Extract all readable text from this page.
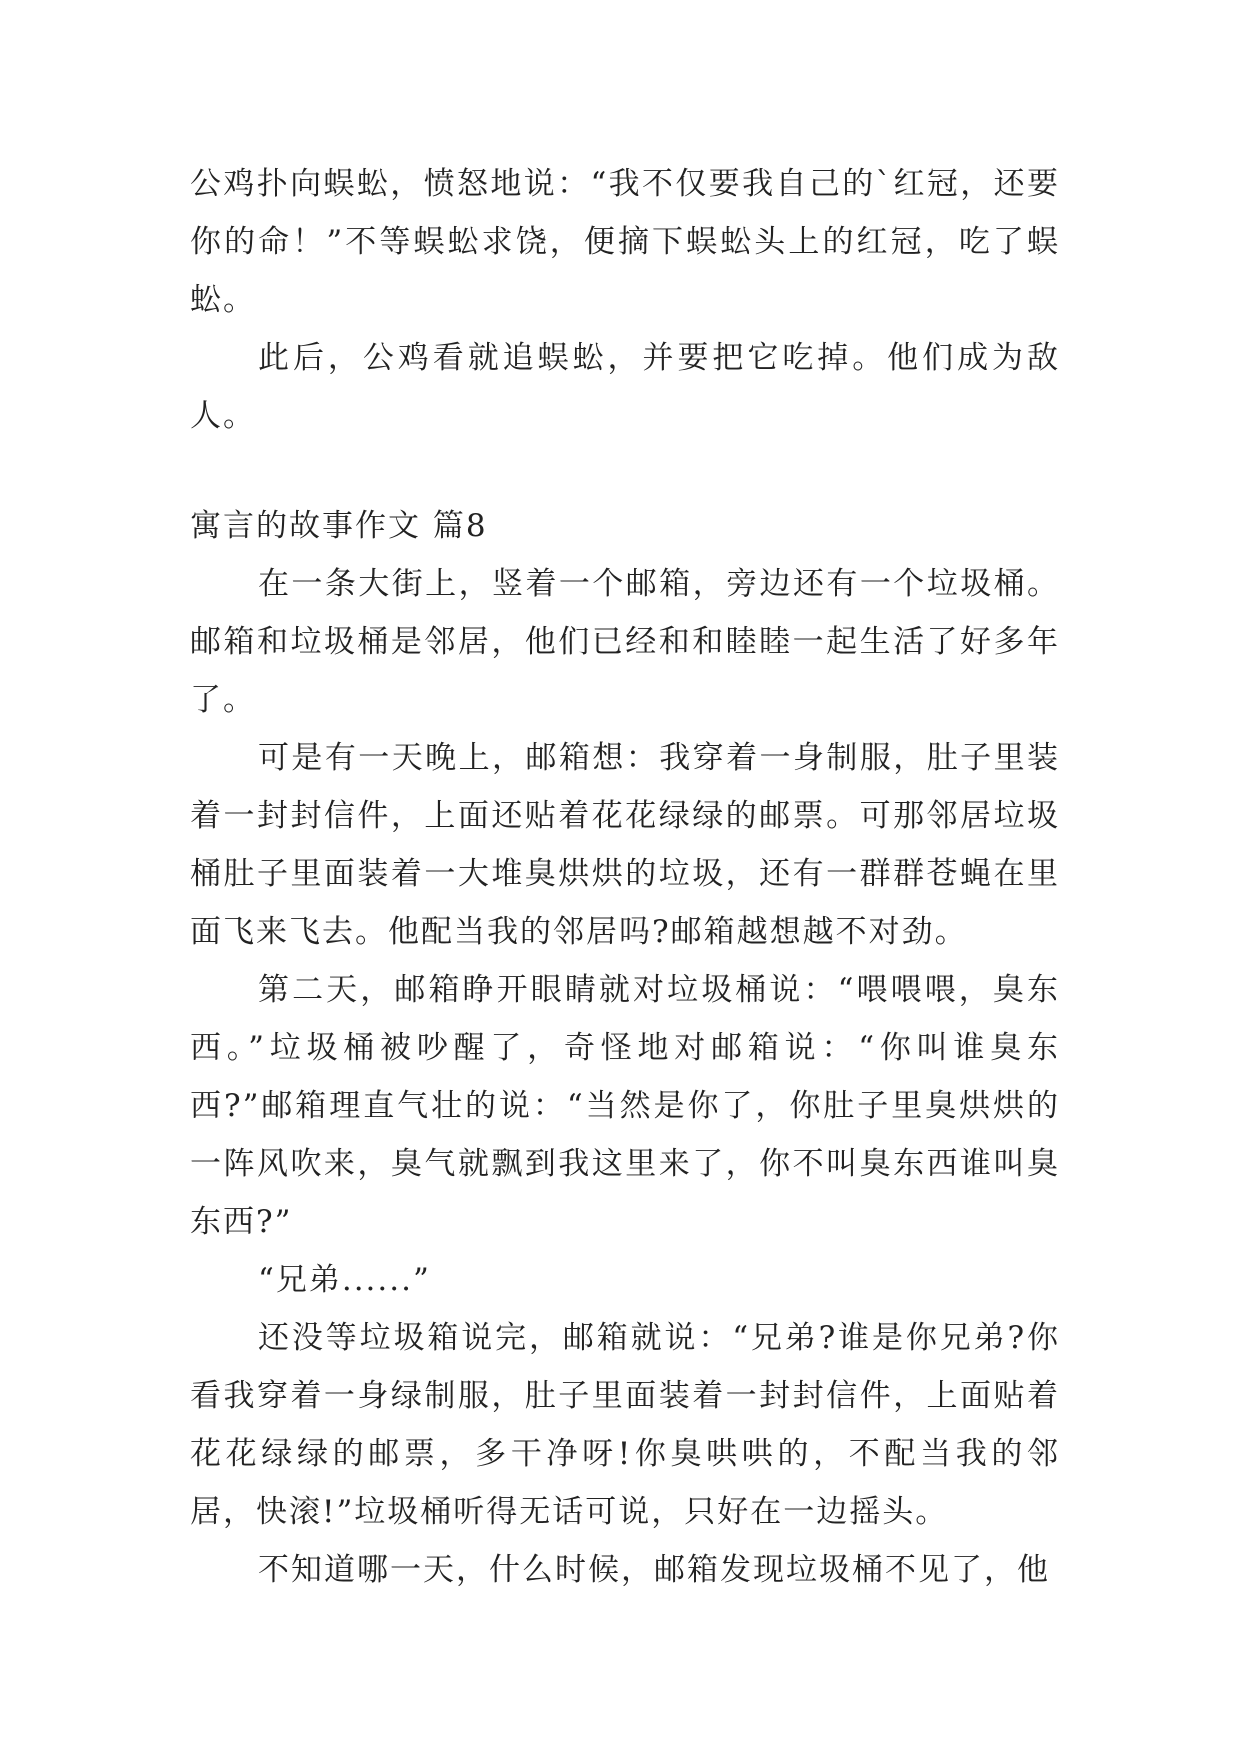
公鸡扑向蜈蚣，愤怒地说：“我不仅要我自己的`红冠，还要你的命！”不等蜈蚣求饶，便摘下蜈蚣头上的红冠，吃了蜈蚣。

此后，公鸡看就追蜈蚣，并要把它吃掉。他们成为敌人。

寓言的故事作文 篇8

在一条大街上，竖着一个邮箱，旁边还有一个垃圾桶。邮箱和垃圾桶是邻居，他们已经和和睦睦一起生活了好多年了。

可是有一天晚上，邮箱想：我穿着一身制服，肚子里装着一封封信件，上面还贴着花花绿绿的邮票。可那邻居垃圾桶肚子里面装着一大堆臭烘烘的垃圾，还有一群群苍蝇在里面飞来飞去。他配当我的邻居吗?邮箱越想越不对劲。

第二天，邮箱睁开眼睛就对垃圾桶说：“喂喂喂，臭东西。”垃圾桶被吵醒了，奇怪地对邮箱说：“你叫谁臭东西?”邮箱理直气壮的说：“当然是你了，你肚子里臭烘烘的一阵风吹来，臭气就飘到我这里来了，你不叫臭东西谁叫臭东西?”

“兄弟......”

还没等垃圾箱说完，邮箱就说：“兄弟?谁是你兄弟?你看我穿着一身绿制服，肚子里面装着一封封信件，上面贴着花花绿绿的邮票，多干净呀!你臭哄哄的，不配当我的邻居，快滚!”垃圾桶听得无话可说，只好在一边摇头。

不知道哪一天，什么时候，邮箱发现垃圾桶不见了，他
